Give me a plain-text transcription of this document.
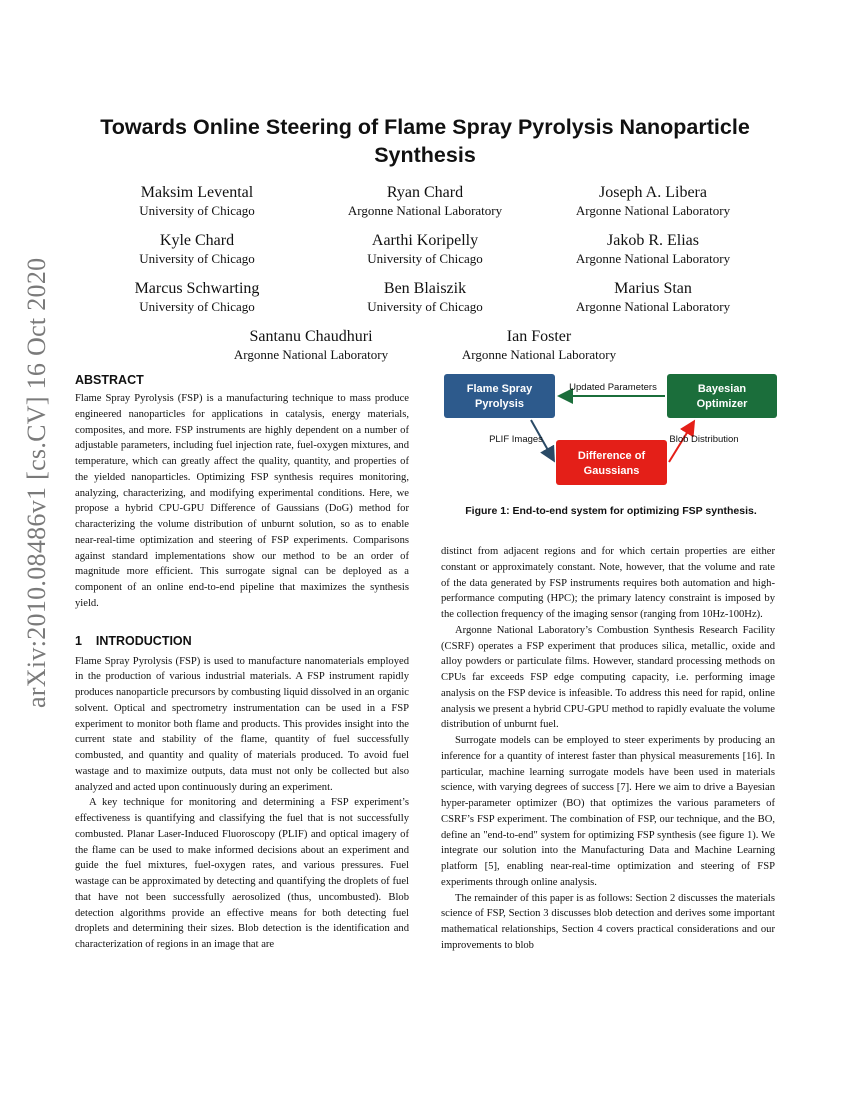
arXiv:2010.08486v1 [cs.CV] 16 Oct 2020
Towards Online Steering of Flame Spray Pyrolysis Nanoparticle Synthesis
Maksim Levental
University of Chicago
Ryan Chard
Argonne National Laboratory
Joseph A. Libera
Argonne National Laboratory
Kyle Chard
University of Chicago
Aarthi Koripelly
University of Chicago
Jakob R. Elias
Argonne National Laboratory
Marcus Schwarting
University of Chicago
Ben Blaiszik
University of Chicago
Marius Stan
Argonne National Laboratory
Santanu Chaudhuri
Argonne National Laboratory
Ian Foster
Argonne National Laboratory
ABSTRACT

Flame Spray Pyrolysis (FSP) is a manufacturing technique to mass produce engineered nanoparticles for applications in catalysis, energy materials, composites, and more. FSP instruments are highly dependent on a number of adjustable parameters, including fuel injection rate, fuel-oxygen mixtures, and temperature, which can greatly affect the quality, quantity, and properties of the yielded nanoparticles. Optimizing FSP synthesis requires monitoring, analyzing, characterizing, and modifying experimental conditions. Here, we propose a hybrid CPU-GPU Difference of Gaussians (DoG) method for characterizing the volume distribution of unburnt solution, so as to enable near-real-time optimization and steering of FSP experiments. Comparisons against standard implementations show our method to be an order of magnitude more efficient. This surrogate signal can be deployed as a component of an online end-to-end pipeline that maximizes the synthesis yield.

1 INTRODUCTION

Flame Spray Pyrolysis (FSP) is used to manufacture nanomaterials employed in the production of various industrial materials. A FSP instrument rapidly produces nanoparticle precursors by combusting liquid dissolved in an organic solvent. Optical and spectrometry instrumentation can be used in a FSP experiment to monitor both flame and products. This provides insight into the current state and stability of the flame, quantity of fuel successfully combusted, and quantity and quality of materials produced. To avoid fuel wastage and to maximize outputs, data must not only be collected but also analyzed and acted upon continuously during an experiment.

A key technique for monitoring and determining a FSP experiment’s effectiveness is quantifying and classifying the fuel that is not successfully combusted. Planar Laser-Induced Fluoroscopy (PLIF) and optical imagery of the flame can be used to make informed decisions about an experiment and guide the fuel mixtures, fuel-oxygen rates, and various pressures. Fuel wastage can be approximated by detecting and quantifying the droplets of fuel that have not been successfully aerosolized (thus, uncombusted). Blob detection algorithms provide an effective means for both detecting fuel droplets and determining their sizes. Blob detection is the identification and characterization of regions in an image that are

Flame Spray
Pyrolysis
Bayesian
Optimizer
Difference of
Gaussians
Updated Parameters
PLIF Images	Blob Distribution
Figure 1: End-to-end system for optimizing FSP synthesis.

distinct from adjacent regions and for which certain properties are either constant or approximately constant. Note, however, that the volume and rate of the data generated by FSP instruments requires both automation and high-performance computing (HPC); the primary latency constraint is imposed by the collection frequency of the imaging sensor (ranging from 10Hz-100Hz).

Argonne National Laboratory’s Combustion Synthesis Research Facility (CSRF) operates a FSP experiment that produces silica, metallic, oxide and alloy powders or particulate films. However, standard processing methods on CPUs far exceeds FSP edge computing capacity, i.e. performing image analysis on the FSP device is infeasible. To address this need for rapid, online analysis we present a hybrid CPU-GPU method to rapidly evaluate the volume distribution of unburnt fuel.

Surrogate models can be employed to steer experiments by producing an inference for a quantity of interest faster than physical measurements [16]. In particular, machine learning surrogate models have been used in materials science, with varying degrees of success [7]. Here we aim to drive a Bayesian hyper-parameter optimizer (BO) that optimizes the various parameters of CSRF’s FSP experiment. The combination of FSP, our technique, and the BO, define an "end-to-end" system for optimizing FSP synthesis (see figure 1). We integrate our solution into the Manufacturing Data and Machine Learning platform [5], enabling near-real-time optimization and steering of FSP experiments through online analysis.

The remainder of this paper is as follows: Section 2 discusses the materials science of FSP, Section 3 discusses blob detection and derives some important mathematical relationships, Section 4 covers practical considerations and our improvements to blob
